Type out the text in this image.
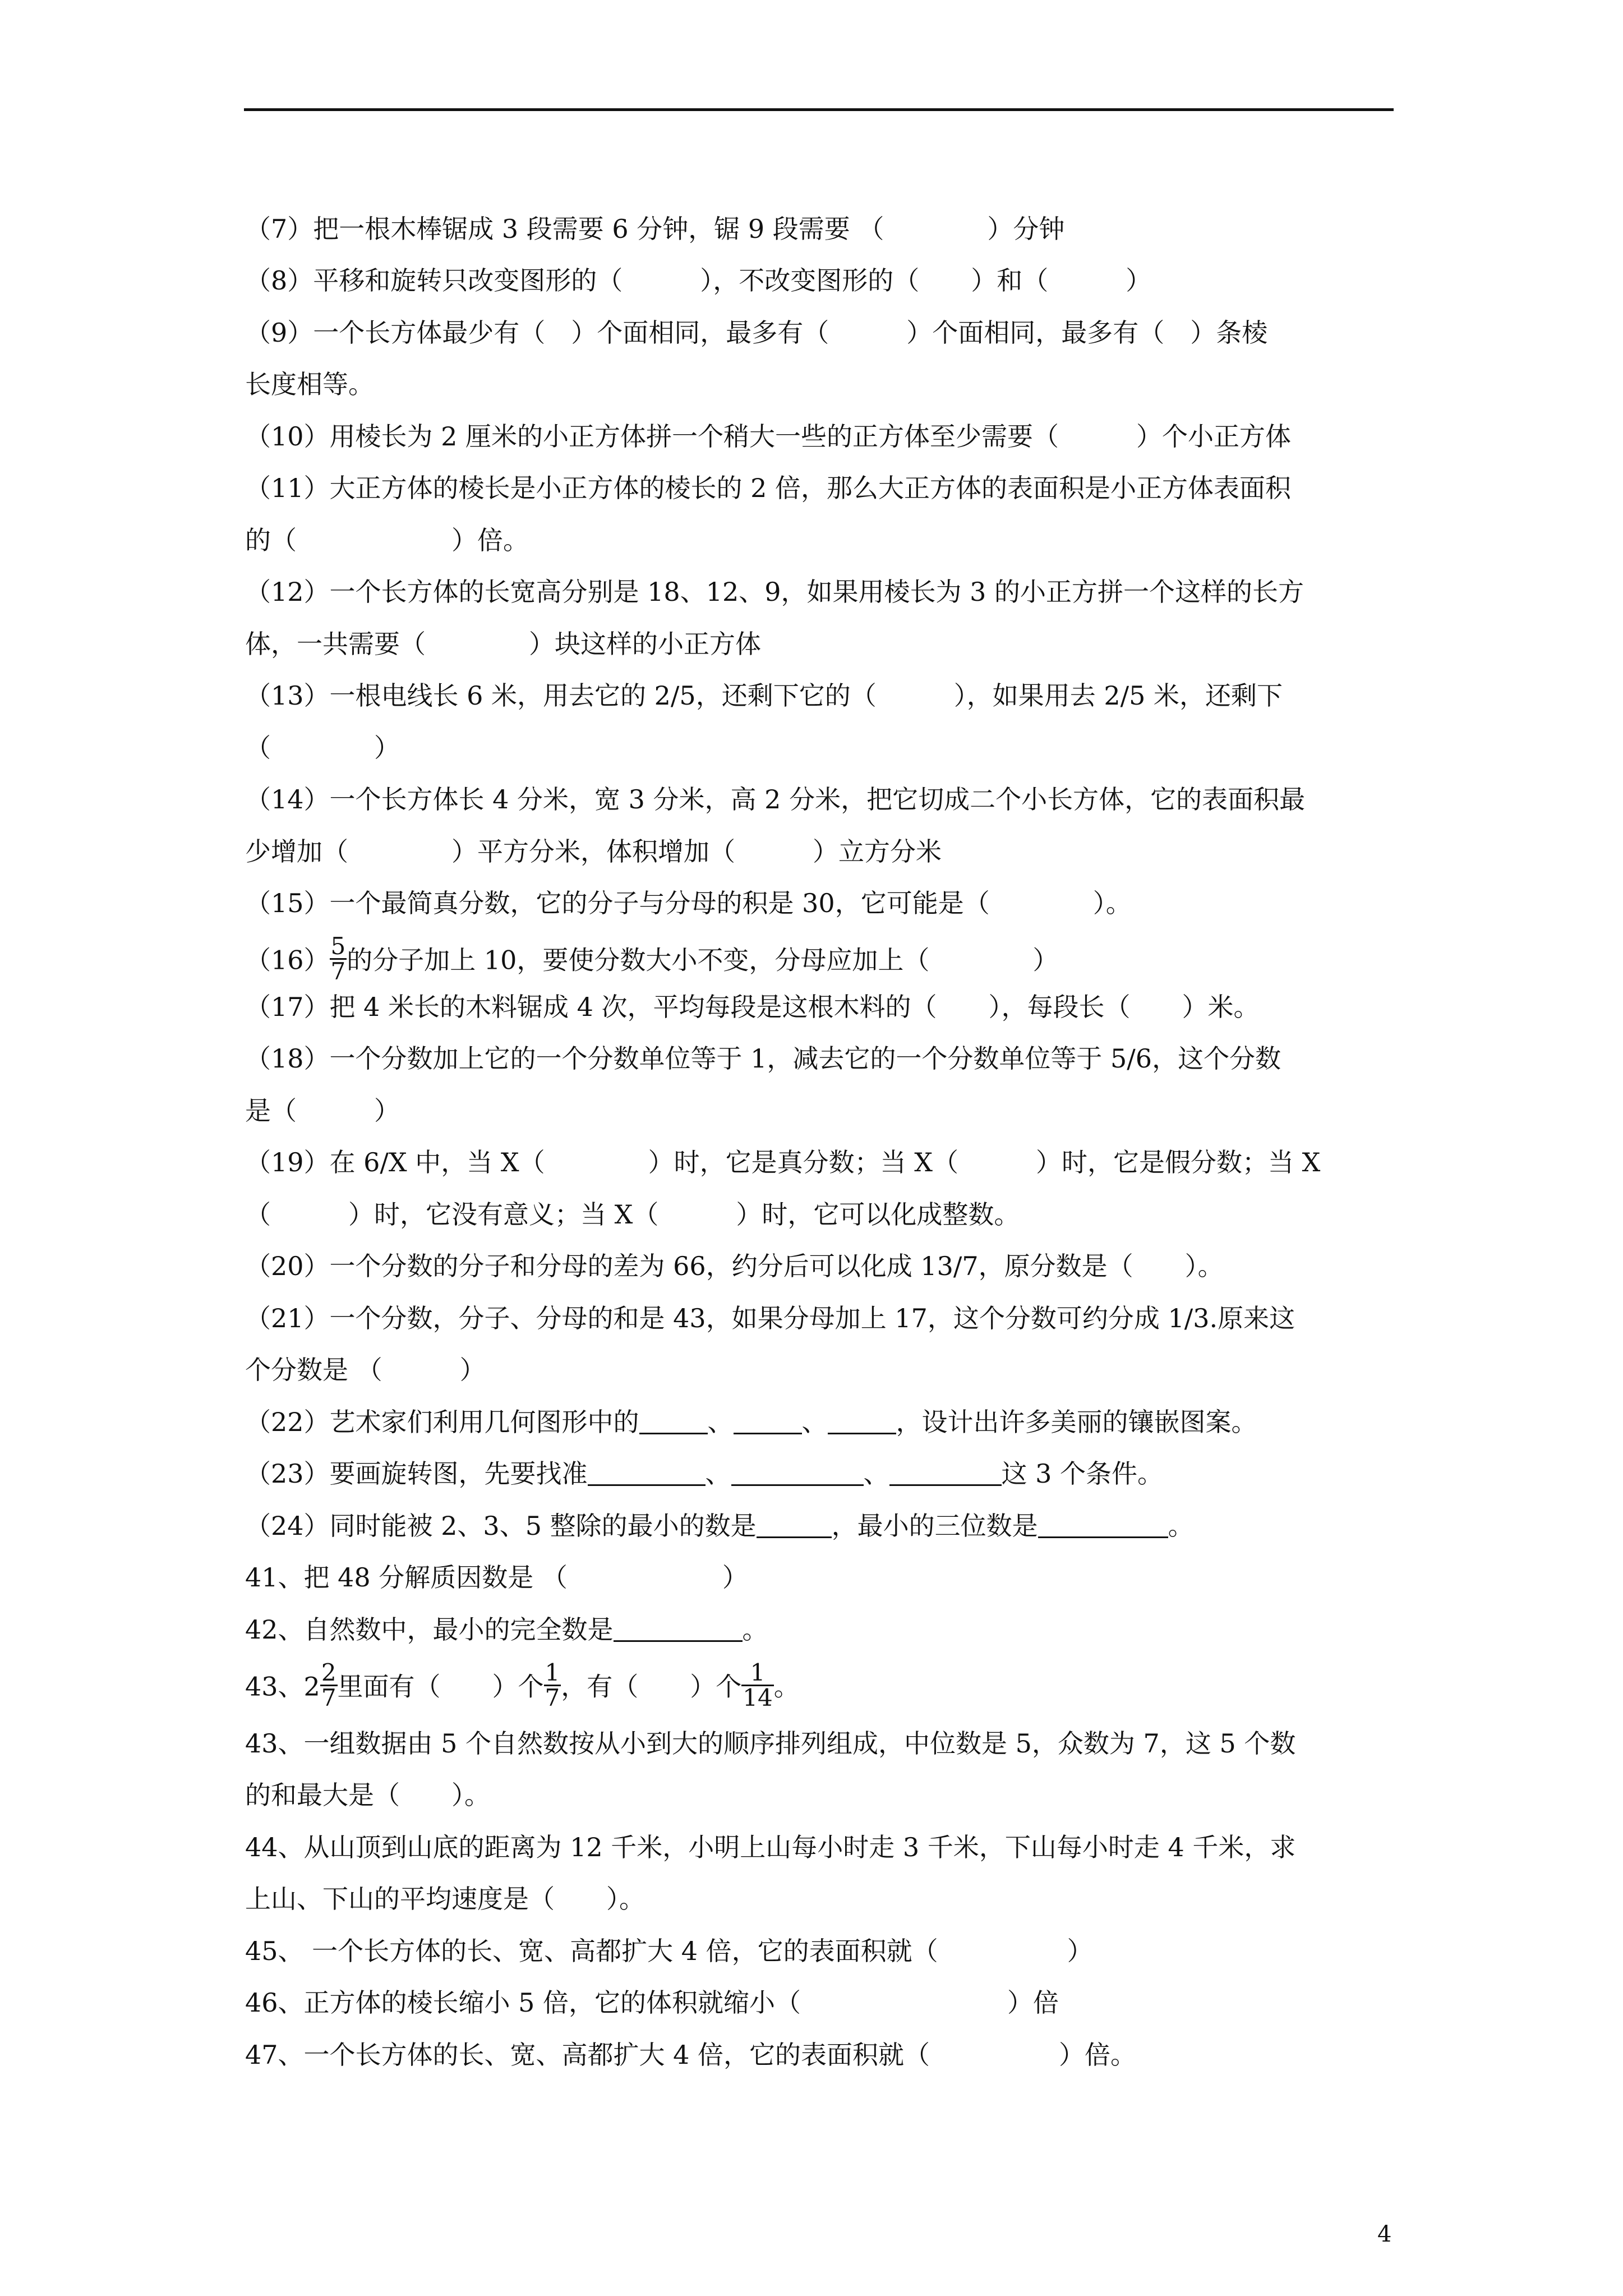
（7）把一根木棒锯成 3 段需要 6 分钟，锯 9 段需要 （　　　　）分钟
（8）平移和旋转只改变图形的（　　　），不改变图形的（　　）和（　　　）
（9）一个长方体最少有（　）个面相同，最多有（　　　）个面相同，最多有（　）条棱
长度相等。
（10）用棱长为 2 厘米的小正方体拼一个稍大一些的正方体至少需要（　　　）个小正方体
（11）大正方体的棱长是小正方体的棱长的 2 倍，那么大正方体的表面积是小正方体表面积
的（　　　　　　）倍。
（12）一个长方体的长宽高分别是 18、12、9，如果用棱长为 3 的小正方拼一个这样的长方
体，一共需要（　　　　）块这样的小正方体
（13）一根电线长 6 米，用去它的 2/5，还剩下它的（　　　），如果用去 2/5 米，还剩下
（　　　　）
（14）一个长方体长 4 分米，宽 3 分米，高 2 分米，把它切成二个小长方体，它的表面积最
少增加（　　　　）平方分米，体积增加（　　　）立方分米
（15）一个最简真分数，它的分子与分母的积是 30，它可能是（　　　　）。
$(16) \frac{5}{7}$ 的分子加上 10，要使分数大小不变，分母应加上（　　　　）
（17）把 4 米长的木料锯成 4 次，平均每段是这根木料的（　　），每段长（　　）米。
（18）一个分数加上它的一个分数单位等于 1，减去它的一个分数单位等于 5/6，这个分数
是（　　　）
（19）在 6/X 中，当 X（　　　　）时，它是真分数；当 X（　　　）时，它是假分数；当 X
（　　　）时，它没有意义；当 X（　　　）时，它可以化成整数。
（20）一个分数的分子和分母的差为 66，约分后可以化成 13/7，原分数是（　　）。
（21）一个分数，分子、分母的和是 43，如果分母加上 17，这个分数可约分成 1/3.原来这
个分数是 （　　　）
（22）艺术家们利用几何图形中的	、	、	，设计出许多美丽的镶嵌图案。
（23）要画旋转图，先要找准	、	、	这 3 个条件。
（24）同时能被 2、3、5 整除的最小的数是	，最小的三位数是	。
41、把 48 分解质因数是 （　　　　　　）
42、自然数中，最小的完全数是	。
43、$2 \frac{2}{7}$ 里面有（　　）个 $\frac{1}{7}$ ，有（　　）个 $\frac{1}{14}$ 。
43、一组数据由 5 个自然数按从小到大的顺序排列组成，中位数是 5，众数为 7，这 5 个数
的和最大是（　　）。
44、从山顶到山底的距离为 12 千米，小明上山每小时走 3 千米，下山每小时走 4 千米，求
上山、下山的平均速度是（　　）。
45、 一个长方体的长、宽、高都扩大 4 倍，它的表面积就（　　　　　）
46、正方体的棱长缩小 5 倍，它的体积就缩小（　　　　　　　　）倍
47、一个长方体的长、宽、高都扩大 4 倍，它的表面积就（　　　　　）倍。
4
